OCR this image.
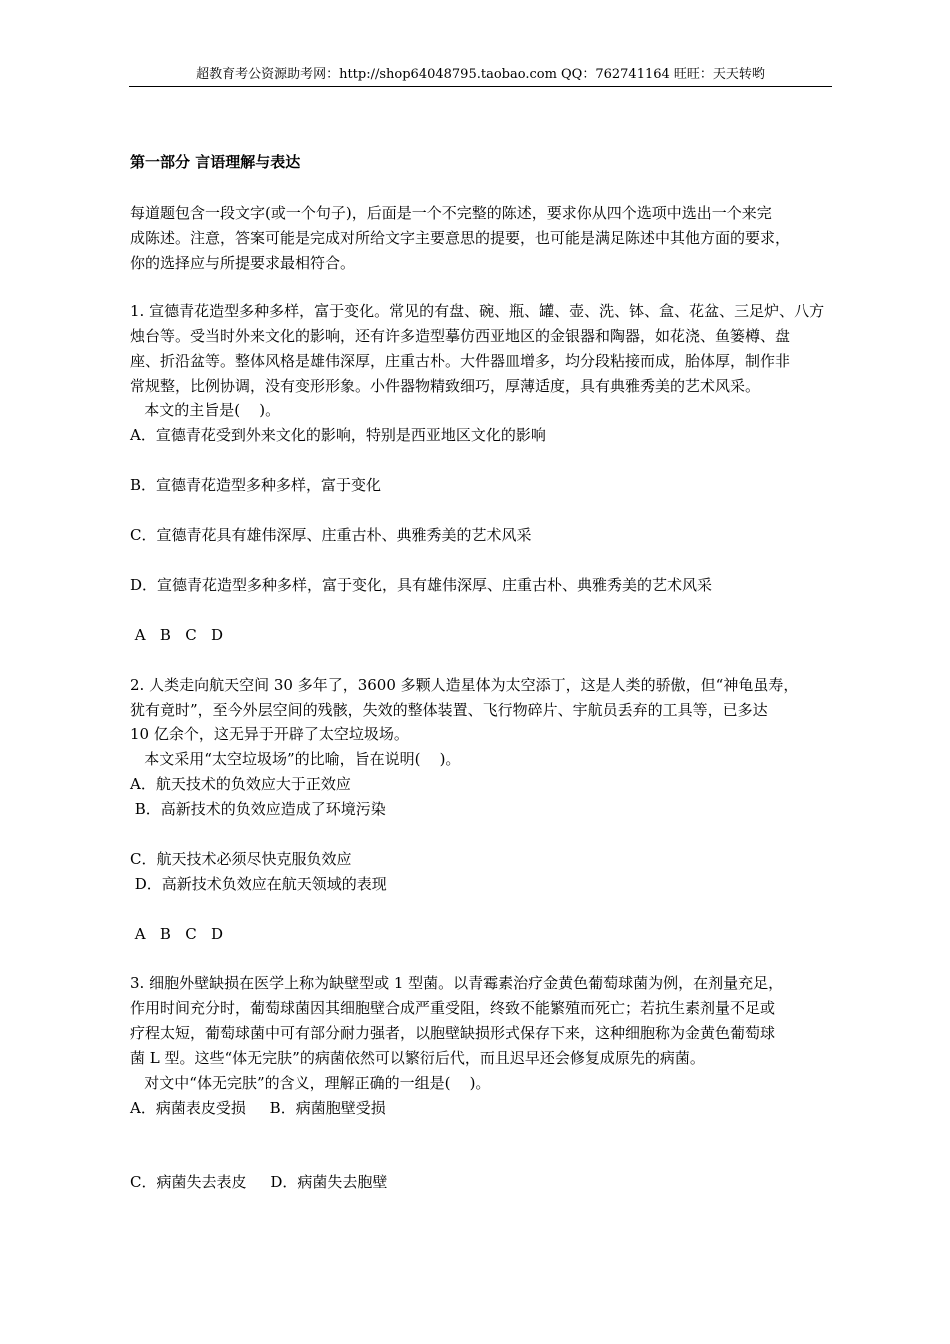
超教育考公资源助考网：http://shop64048795.taobao.com QQ：762741164 旺旺：天天转哟
第一部分 言语理解与表达
每道题包含一段文字(或一个句子)，后面是一个不完整的陈述，要求你从四个选项中选出一个来完
成陈述。注意，答案可能是完成对所给文字主要意思的提要，也可能是满足陈述中其他方面的要求，
你的选择应与所提要求最相符合。
1. 宣德青花造型多种多样，富于变化。常见的有盘、碗、瓶、罐、壶、洗、钵、盒、花盆、三足炉、八方
烛台等。受当时外来文化的影响，还有许多造型摹仿西亚地区的金银器和陶器，如花浇、鱼篓樽、盘
座、折沿盆等。整体风格是雄伟深厚，庄重古朴。大件器皿增多，均分段粘接而成，胎体厚，制作非
常规整，比例协调，没有变形形象。小件器物精致细巧，厚薄适度，具有典雅秀美的艺术风采。
本文的主旨是(    )。
A．宣德青花受到外来文化的影响，特别是西亚地区文化的影响
B．宣德青花造型多种多样，富于变化
C．宣德青花具有雄伟深厚、庄重古朴、典雅秀美的艺术风采
D．宣德青花造型多种多样，富于变化，具有雄伟深厚、庄重古朴、典雅秀美的艺术风采
A   B   C   D
2. 人类走向航天空间 30 多年了，3600 多颗人造星体为太空添丁，这是人类的骄傲，但“神龟虽寿，
犹有竟时”，至今外层空间的残骸，失效的整体装置、飞行物碎片、宇航员丢弃的工具等，已多达
10 亿余个，这无异于开辟了太空垃圾场。
本文采用“太空垃圾场”的比喻，旨在说明(    )。
A．航天技术的负效应大于正效应
B．高新技术的负效应造成了环境污染
C．航天技术必须尽快克服负效应
D．高新技术负效应在航天领域的表现
A   B   C   D
3. 细胞外壁缺损在医学上称为缺壁型或 1 型菌。以青霉素治疗金黄色葡萄球菌为例，在剂量充足，
作用时间充分时，葡萄球菌因其细胞壁合成严重受阻，终致不能繁殖而死亡；若抗生素剂量不足或
疗程太短，葡萄球菌中可有部分耐力强者，以胞壁缺损形式保存下来，这种细胞称为金黄色葡萄球
菌 L 型。这些“体无完肤”的病菌依然可以繁衍后代，而且迟早还会修复成原先的病菌。
对文中“体无完肤”的含义，理解正确的一组是(    )。
A．病菌表皮受损     B．病菌胞壁受损
C．病菌失去表皮     D．病菌失去胞壁
